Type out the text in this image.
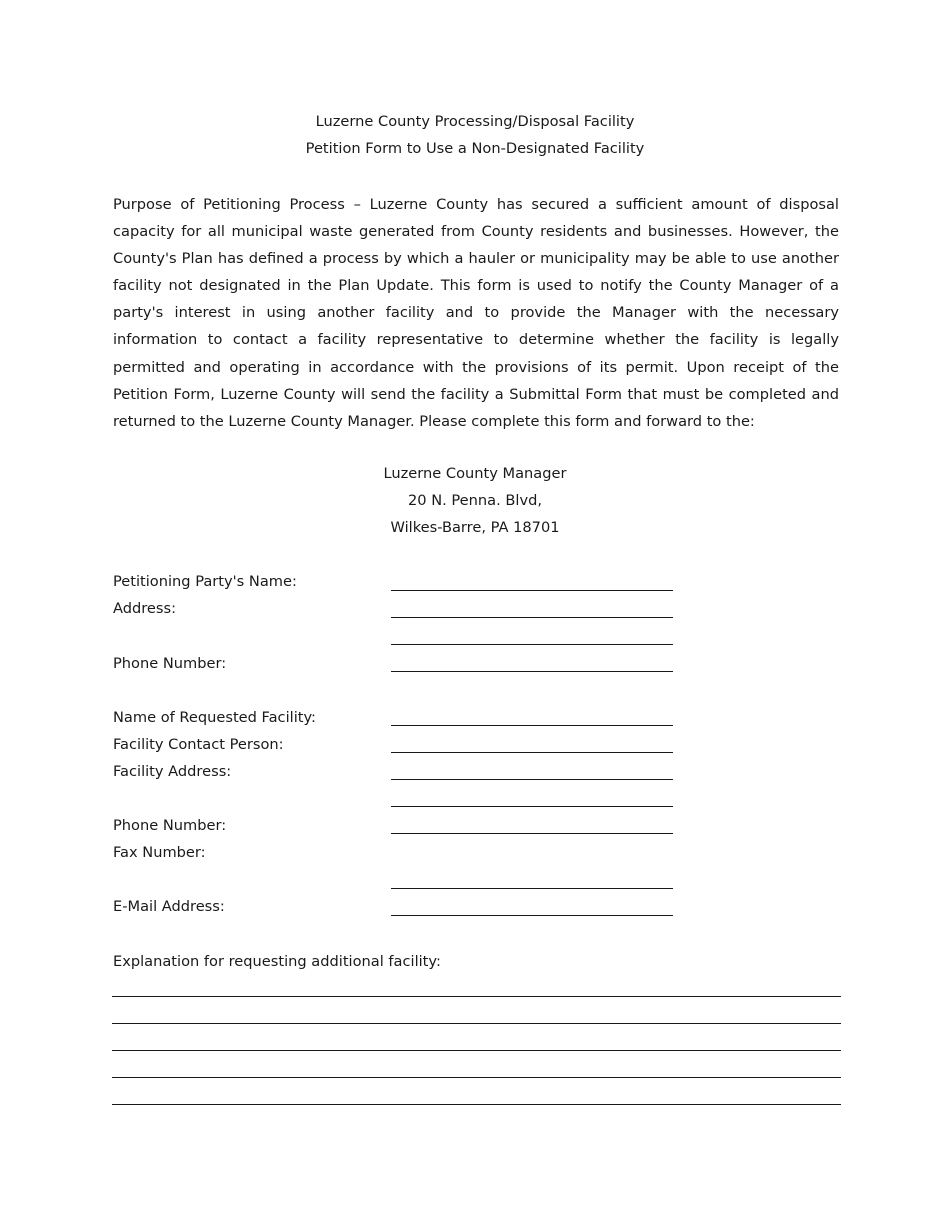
Luzerne County Processing/Disposal Facility
Petition Form to Use a Non-Designated Facility

Purpose of Petitioning Process – Luzerne County has secured a sufficient amount of disposal capacity for all municipal waste generated from County residents and businesses. However, the County's Plan has defined a process by which a hauler or municipality may be able to use another facility not designated in the Plan Update. This form is used to notify the County Manager of a party's interest in using another facility and to provide the Manager with the necessary information to contact a facility representative to determine whether the facility is legally permitted and operating in accordance with the provisions of its permit. Upon receipt of the Petition Form, Luzerne County will send the facility a Submittal Form that must be completed and returned to the Luzerne County Manager. Please complete this form and forward to the:

Luzerne County Manager
20 N. Penna. Blvd,
Wilkes-Barre, PA 18701
Petitioning Party's Name:
Address:
Phone Number:
Name of Requested Facility:
Facility Contact Person:
Facility Address:
Phone Number:
Fax Number:
E-Mail Address:
Explanation for requesting additional facility:
